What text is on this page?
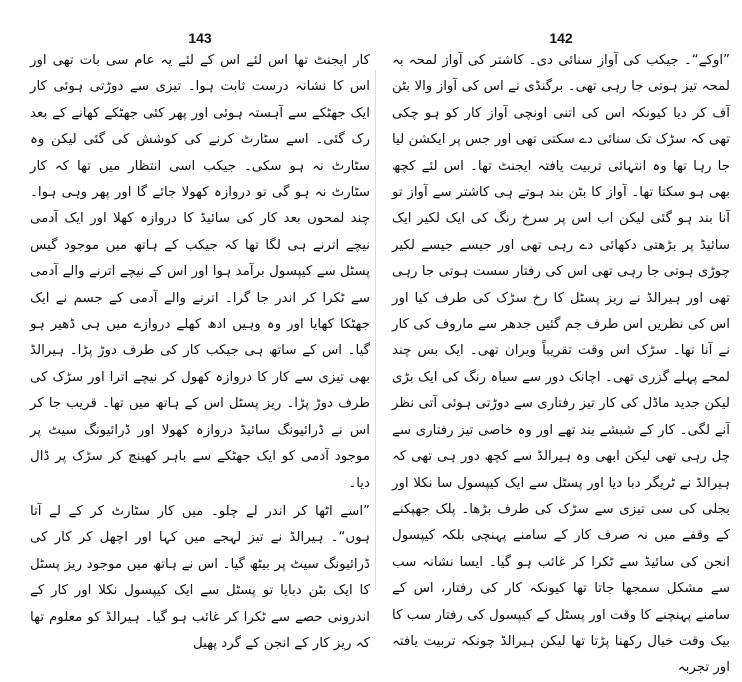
143

کار ایجنٹ تھا اس لئے اس کے لئے یہ عام سی بات تھی اور اس کا نشانہ درست ثابت ہوا۔ تیزی سے دوڑتی ہوئی کار ایک جھٹکے سے آہستہ ہوئی اور پھر کئی جھٹکے کھانے کے بعد رک گئی۔ اسے سٹارٹ کرنے کی کوشش کی گئی لیکن وہ سٹارٹ نہ ہو سکی۔ جیکب اسی انتظار میں تھا کہ کار سٹارٹ نہ ہو گی تو دروازہ کھولا جائے گا اور پھر وہی ہوا۔ چند لمحوں بعد کار کی سائیڈ کا دروازہ کھلا اور ایک آدمی نیچے اترنے ہی لگا تھا کہ جیکب کے ہاتھ میں موجود گیس پسٹل سے کیپسول برآمد ہوا اور اس کے نیچے اترنے والے آدمی سے ٹکرا کر اندر جا گرا۔ اترنے والے آدمی کے جسم نے ایک جھٹکا کھایا اور وہ وہیں ادھ کھلے دروازے میں ہی ڈھیر ہو گیا۔ اس کے ساتھ ہی جیکب کار کی طرف دوڑ پڑا۔ ہیرالڈ بھی تیزی سے کار کا دروازہ کھول کر نیچے اترا اور سڑک کی طرف دوڑ پڑا۔ ریز پسٹل اس کے ہاتھ میں تھا۔ قریب جا کر اس نے ڈرائیونگ سائیڈ دروازہ کھولا اور ڈرائیونگ سیٹ پر موجود آدمی کو ایک جھٹکے سے باہر کھینچ کر سڑک پر ڈال دیا۔

”اسے اٹھا کر اندر لے چلو۔ میں کار سٹارٹ کر کے لے آتا ہوں“۔ ہیرالڈ نے تیز لہجے میں کہا اور اچھل کر کار کی ڈرائیونگ سیٹ پر بیٹھ گیا۔ اس نے ہاتھ میں موجود ریز پسٹل کا ایک بٹن دبایا تو پسٹل سے ایک کیپسول نکلا اور کار کے اندرونی حصے سے ٹکرا کر غائب ہو گیا۔ ہیرالڈ کو معلوم تھا کہ ریز کار کے انجن کے گرد پھیل

142

”اوکے“۔ جیکب کی آواز سنائی دی۔ کاشتر کی آواز لمحہ بہ لمحہ تیز ہوتی جا رہی تھی۔ برگنڈی نے اس کی آواز والا بٹن آف کر دیا کیونکہ اس کی اتنی اونچی آواز کار کو ہو چکی تھی کہ سڑک تک سنائی دے سکتی تھی اور جس پر ایکشن لیا جا رہا تھا وہ انتہائی تربیت یافتہ ایجنٹ تھا۔ اس لئے کچھ بھی ہو سکتا تھا۔ آواز کا بٹن بند ہوتے ہی کاشتر سے آواز تو آنا بند ہو گئی لیکن اب اس پر سرخ رنگ کی ایک لکیر ایک سائیڈ پر بڑھتی دکھائی دے رہی تھی اور جیسے جیسے لکیر چوڑی ہوتی جا رہی تھی اس کی رفتار سست ہوتی جا رہی تھی اور ہیرالڈ نے ریز پسٹل کا رخ سڑک کی طرف کیا اور اس کی نظریں اس طرف جم گئیں جدھر سے ماروف کی کار نے آنا تھا۔ سڑک اس وقت تقریباً ویران تھی۔ ایک بس چند لمحے پہلے گزری تھی۔ اچانک دور سے سیاہ رنگ کی ایک بڑی لیکن جدید ماڈل کی کار تیز رفتاری سے دوڑتی ہوئی آتی نظر آنے لگی۔ کار کے شیشے بند تھے اور وہ خاصی تیز رفتاری سے چل رہی تھی لیکن ابھی وہ ہیرالڈ سے کچھ دور ہی تھی کہ ہیرالڈ نے ٹریگر دبا دیا اور پسٹل سے ایک کیپسول سا نکلا اور بجلی کی سی تیزی سے سڑک کی طرف بڑھا۔ پلک جھپکنے کے وقفے میں نہ صرف کار کے سامنے پہنچی بلکہ کیپسول انجن کی سائیڈ سے ٹکرا کر غائب ہو گیا۔ ایسا نشانہ سب سے مشکل سمجھا جاتا تھا کیونکہ کار کی رفتار، اس کے سامنے پہنچنے کا وقت اور پسٹل کے کیپسول کی رفتار سب کا بیک وقت خیال رکھنا پڑتا تھا لیکن ہیرالڈ چونکہ تربیت یافتہ اور تجربہ
